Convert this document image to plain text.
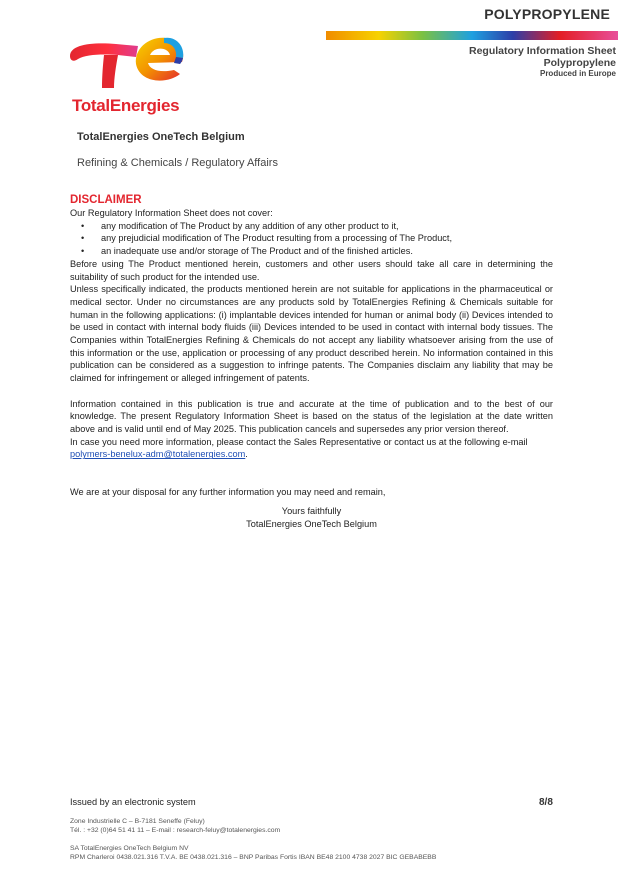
POLYPROPYLENE
Regulatory Information Sheet
Polypropylene
Produced in Europe
TotalEnergies
TotalEnergies OneTech Belgium
Refining & Chemicals / Regulatory Affairs
DISCLAIMER

Our Regulatory Information Sheet does not cover:

• any modification of The Product by any addition of any other product to it,
• any prejudicial modification of The Product resulting from a processing of The Product,
• an inadequate use and/or storage of The Product and of the finished articles.

Before using The Product mentioned herein, customers and other users should take all care in determining the suitability of such product for the intended use.

Unless specifically indicated, the products mentioned herein are not suitable for applications in the pharmaceutical or medical sector. Under no circumstances are any products sold by TotalEnergies Refining & Chemicals suitable for human in the following applications: (i) implantable devices intended for human or animal body (ii) Devices intended to be used in contact with internal body fluids (iii) Devices intended to be used in contact with internal body tissues. The Companies within TotalEnergies Refining & Chemicals do not accept any liability whatsoever arising from the use of this information or the use, application or processing of any product described herein. No information contained in this publication can be considered as a suggestion to infringe patents. The Companies disclaim any liability that may be claimed for infringement or alleged infringement of patents.

Information contained in this publication is true and accurate at the time of publication and to the best of our knowledge. The present Regulatory Information Sheet is based on the status of the legislation at the date written above and is valid until end of May 2025. This publication cancels and supersedes any prior version thereof.

In case you need more information, please contact the Sales Representative or contact us at the following e-mail
polymers-benelux-adm@totalenergies.com.

We are at your disposal for any further information you may need and remain,

Yours faithfully

TotalEnergies OneTech Belgium

Issued by an electronic system	8/8
Zone Industrielle C – B-7181 Seneffe (Feluy)
Tél. : +32 (0)64 51 41 11 – E-mail : research-feluy@totalenergies.com
SA TotalEnergies OneTech Belgium NV
RPM Charleroi 0438.021.316 T.V.A. BE 0438.021.316 – BNP Paribas Fortis IBAN BE48 2100 4738 2027 BIC GEBABEBB
